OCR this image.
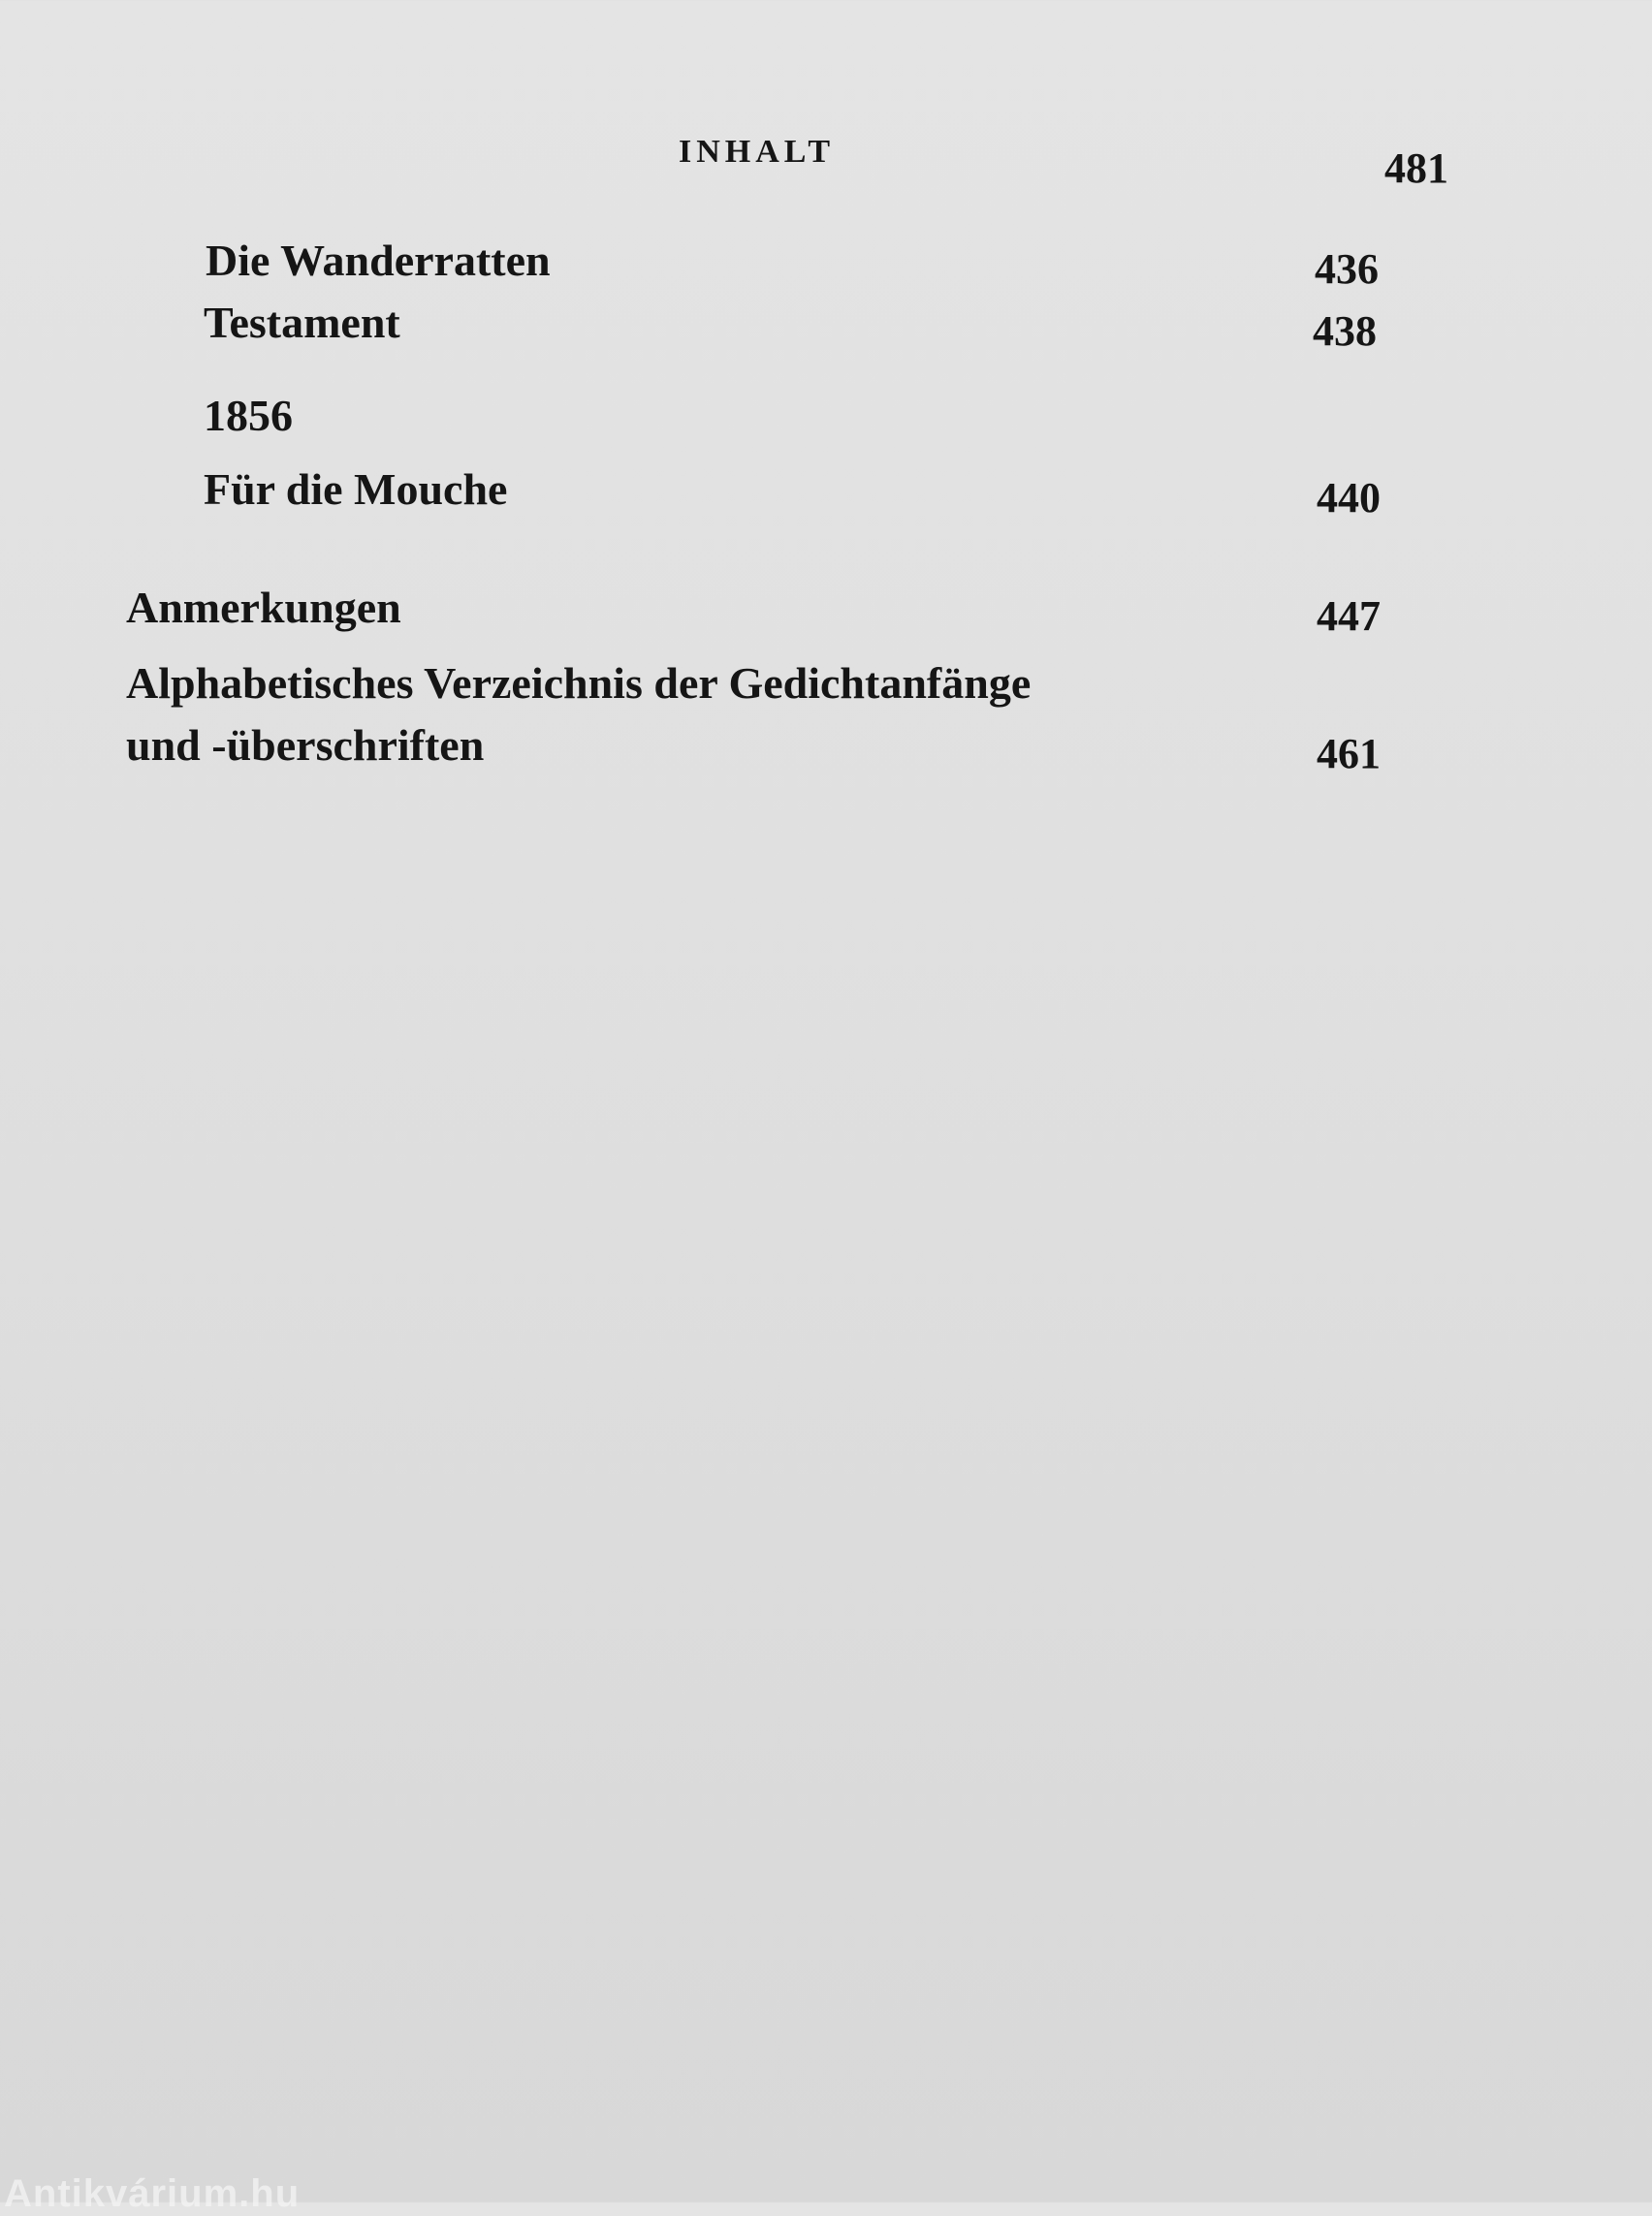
INHALT	481
Die Wanderratten	436
Testament	438
1856
Für die Mouche	440
Anmerkungen	447
Alphabetisches Verzeichnis der Gedichtanfänge
und -überschriften	461
Antikvárium.hu
